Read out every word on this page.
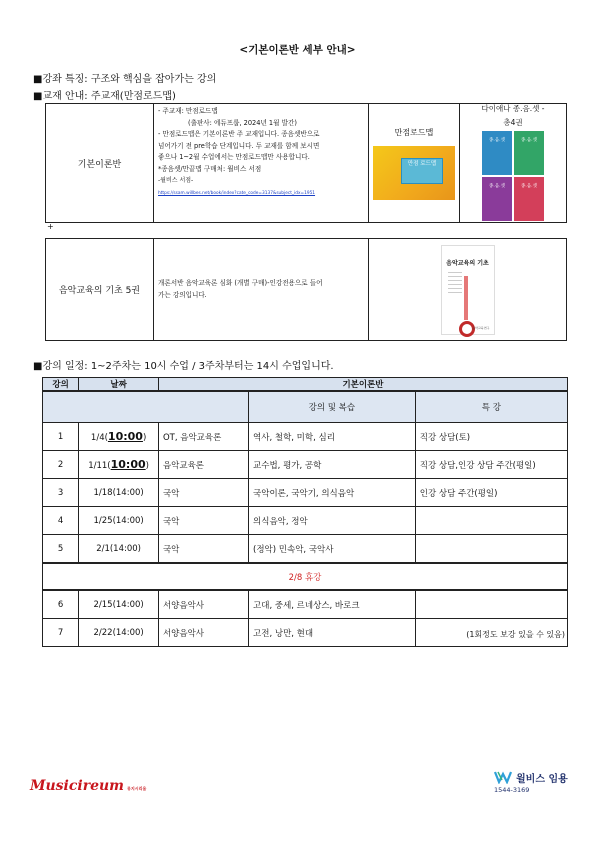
<기본이론반 세부 안내>
■강좌 특징: 구조와 핵심을 잡아가는 강의
■교재 안내: 주교재(만점로드맵)
기본이론반	
- 주교재: 만점로드맵
(출판사: 에듀프룹, 2024년 1월 발간)
- 만점로드맵은 기본이론반 주 교재입니다. 종음셋반으로
넘어가기 전 pre학습 단계입니다. 두 교재를 함께 보시면
좋으나 1~2월 수업에서는 만점로드맵만 사용합니다.
*종음셋/만끝맵 구매처: 윌비스 서점
-윌비스 서점-
https://ssam.willbes.net/book/index?cate_code=3137&subject_idx=1951

만점로드맵
만점 로드맵

다이애나 종.음.셋 -
총4권
종.음.셋	종.음.셋
종.음.셋	종.음.셋
+
음악교육의 기초 5권	
개론서반 음악교육론 심화 (개별 구매)-인강전용으로 들어
가는 강의입니다.

음악교육의 기초
음악교육연구
■강의 일정: 1~2주차는 10시 수업 / 3주차부터는 14시 수업입니다.
강의	날짜	기본이론반		
			강의 및 복습	특 강
1	1/4(10:00)	OT, 음악교육론	역사, 철학, 미학, 심리	직강 상담(토)
2	1/11(10:00)	음악교육론	교수법, 평가, 공학	직강 상담,인강 상담 주간(평일)
3	1/18(14:00)	국악	국악이론, 국악기, 의식음악	인강 상담 주간(평일)
4	1/25(14:00)	국악	의식음악, 정악	
5	2/1(14:00)	국악	(정악) 민속악, 국악사	
2/8 휴강				
6	2/15(14:00)	서양음악사	고대, 중세, 르네상스, 바로크	
7	2/22(14:00)	서양음악사	고전, 낭만, 현대		(1회정도 보강 있을 수 있음)
Musicireum 뮤지시리움
윌비스 임용
1544-3169
